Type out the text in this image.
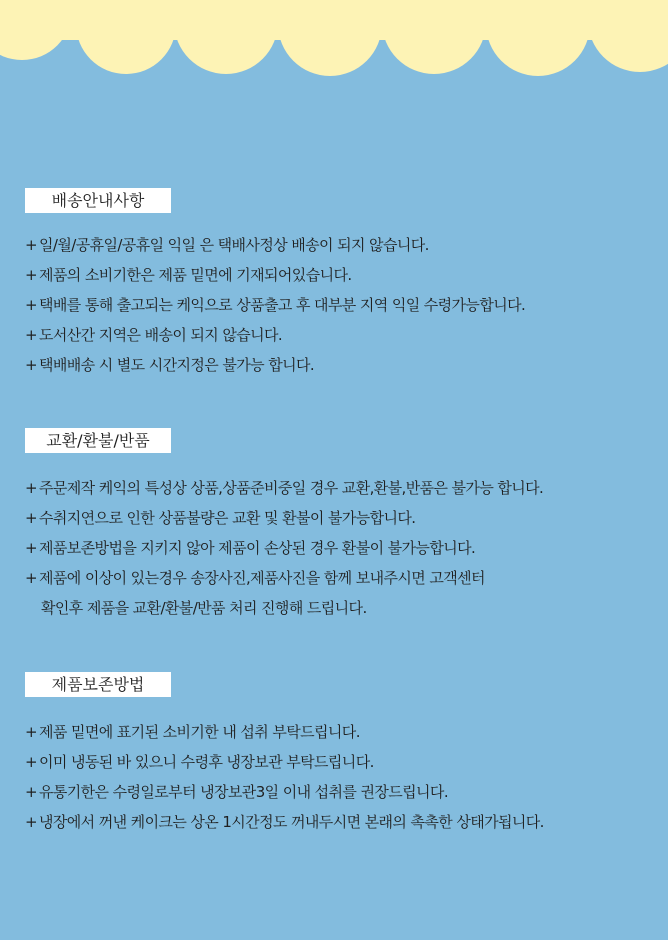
배송안내사항
+ 일/월/공휴일/공휴일 익일 은 택배사정상 배송이 되지 않습니다.
+ 제품의 소비기한은 제품 밑면에 기재되어있습니다.
+ 택배를 통해 출고되는 케익으로 상품출고 후 대부분 지역 익일 수령가능합니다.
+ 도서산간 지역은 배송이 되지 않습니다.
+ 택배배송 시 별도 시간지정은 불가능 합니다.
교환/환불/반품
+ 주문제작 케익의 특성상 상품,상품준비중일 경우 교환,환불,반품은 불가능 합니다.
+ 수취지연으로 인한 상품불량은 교환 및 환불이 불가능합니다.
+ 제품보존방법을 지키지 않아 제품이 손상된 경우 환불이 불가능합니다.
+ 제품에 이상이 있는경우 송장사진,제품사진을 함께 보내주시면 고객센터
확인후 제품을 교환/환불/반품 처리 진행해 드립니다.
제품보존방법
+ 제품 밑면에 표기된 소비기한 내 섭취 부탁드립니다.
+ 이미 냉동된 바 있으니 수령후 냉장보관 부탁드립니다.
+ 유통기한은 수령일로부터 냉장보관3일 이내 섭취를 권장드립니다.
+ 냉장에서 꺼낸 케이크는 상온 1시간정도 꺼내두시면 본래의 촉촉한 상태가됩니다.
